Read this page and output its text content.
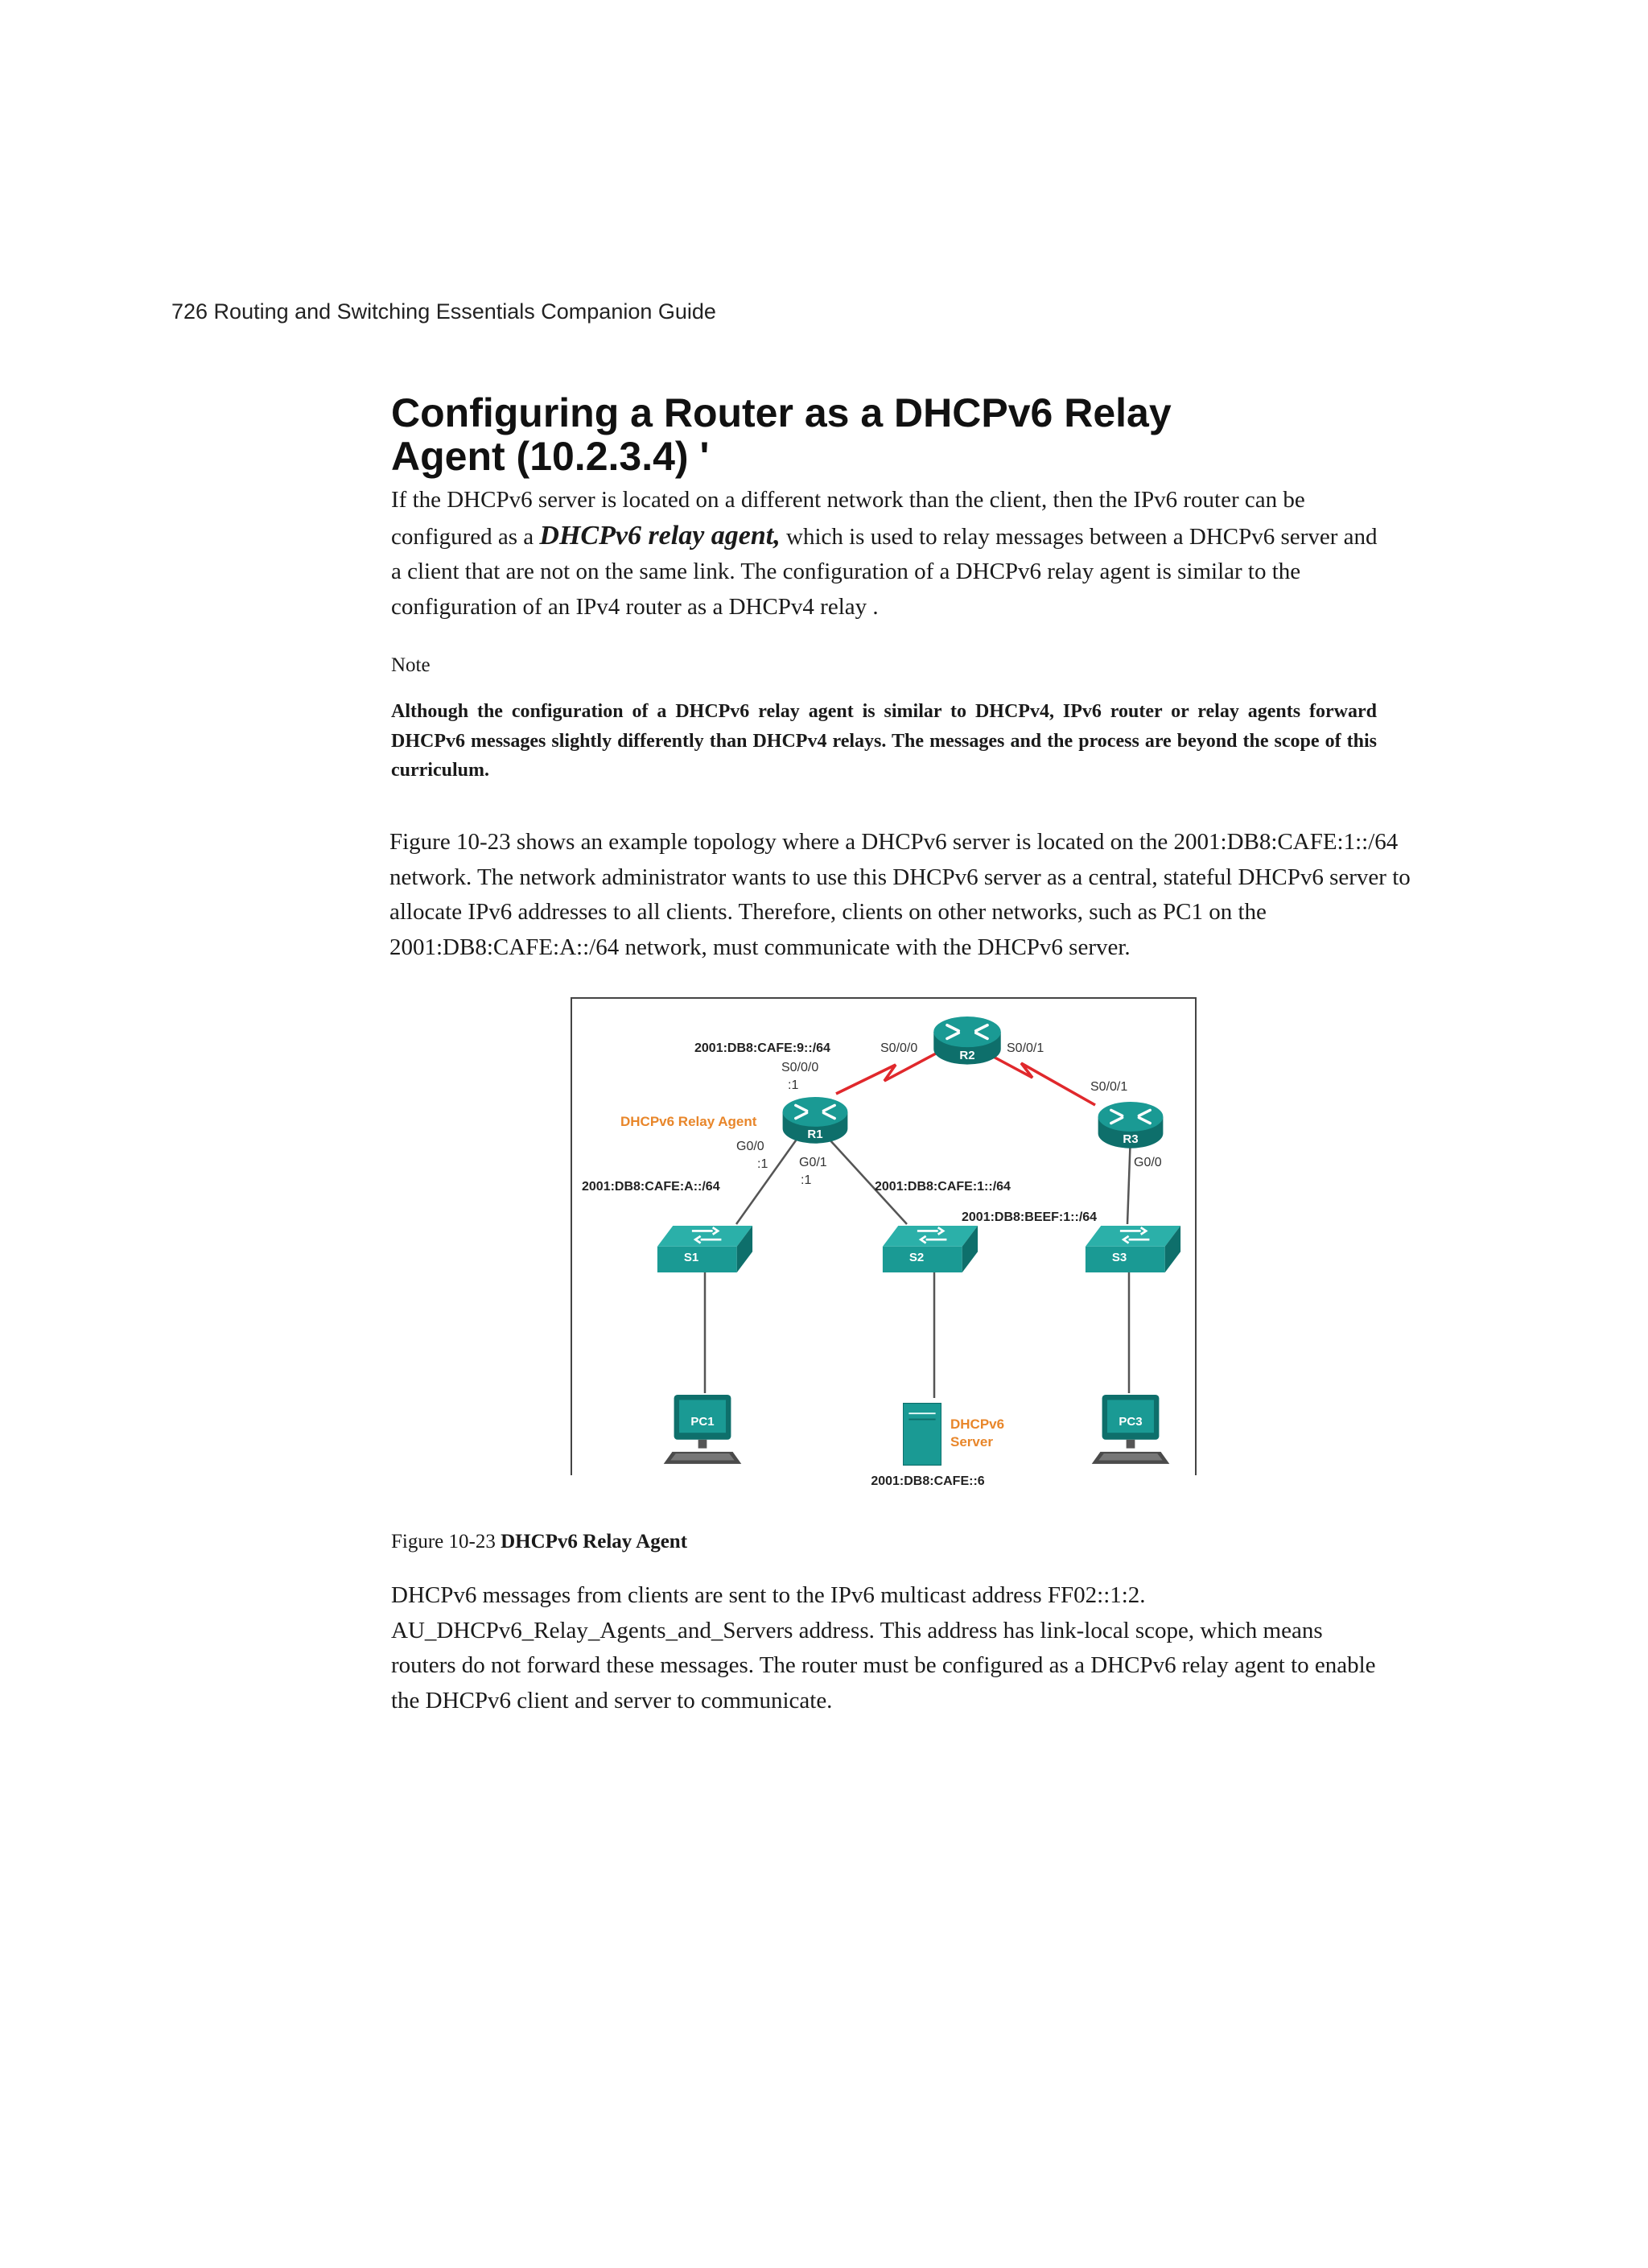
726 Routing and Switching Essentials Companion Guide
Configuring a Router as a DHCPv6 Relay
Agent (10.2.3.4) '

If the DHCPv6 server is located on a different network than the client, then the IPv6 router can be configured as a DHCPv6 relay agent, which is used to relay messages between a DHCPv6 server and a client that are not on the same link. The configuration of a DHCPv6 relay agent is similar to the configuration of an IPv4 router as a DHCPv4 relay .

Note

Although the configuration of a DHCPv6 relay agent is similar to DHCPv4, IPv6 router or relay agents forward DHCPv6 messages slightly differently than DHCPv4 relays. The messages and the process are beyond the scope of this curriculum.

Figure 10-23 shows an example topology where a DHCPv6 server is located on the 2001:DB8:CAFE:1::/64 network. The network administrator wants to use this DHCPv6 server as a central, stateful DHCPv6 server to allocate IPv6 addresses to all clients. Therefore, clients on other networks, such as PC1 on the 2001:DB8:CAFE:A::/64 network, must communicate with the DHCPv6 server.

R2
R1	R3
S1	S2	S3
PC1	DHCPv6
Server
PC3
2001:DB8:CAFE:9::/64	S0/0/0	S0/0/1
S0/0/0
:1	S0/0/1
DHCPv6 Relay Agent
G0/0
:1 G0/1
:1
G0/0
2001:DB8:CAFE:A::/64	2001:DB8:CAFE:1::/64
2001:DB8:BEEF:1::/64
2001:DB8:CAFE::6

Figure 10-23 DHCPv6 Relay Agent

DHCPv6 messages from clients are sent to the IPv6 multicast address FF02::1:2. AU_DHCPv6_Relay_Agents_and_Servers address. This address has link-local scope, which means routers do not forward these messages. The router must be configured as a DHCPv6 relay agent to enable the DHCPv6 client and server to communicate.
